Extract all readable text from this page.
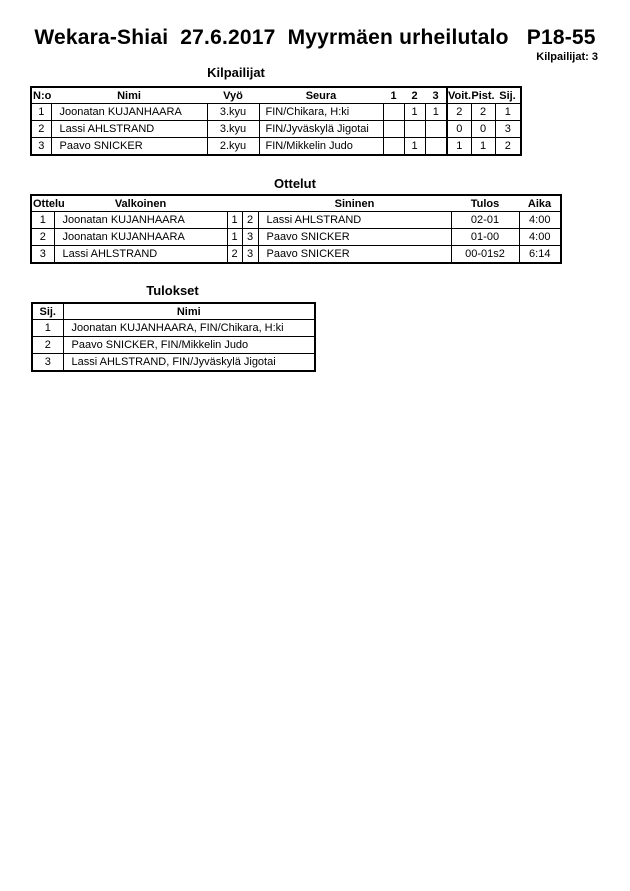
Wekara-Shiai  27.6.2017  Myyrmäen urheilutalo   P18-55
Kilpailijat: 3
Kilpailijat
N:o	Nimi	Vyö	Seura	1	2	3	Voit.	Pist.	Sij.
1	Joonatan KUJANHAARA	3.kyu	FIN/Chikara, H:ki		1	1	2	2	1
2	Lassi AHLSTRAND	3.kyu	FIN/Jyväskylä Jigotai				0	0	3
3	Paavo SNICKER	2.kyu	FIN/Mikkelin Judo		1		1	1	2
Ottelut
Ottelu	Valkoinen			Sininen	Tulos	Aika
1	Joonatan KUJANHAARA	1	2	Lassi AHLSTRAND	02-01	4:00
2	Joonatan KUJANHAARA	1	3	Paavo SNICKER	01-00	4:00
3	Lassi AHLSTRAND	2	3	Paavo SNICKER	00-01s2	6:14
Tulokset
Sij.	Nimi
1	Joonatan KUJANHAARA, FIN/Chikara, H:ki
2	Paavo SNICKER, FIN/Mikkelin Judo
3	Lassi AHLSTRAND, FIN/Jyväskylä Jigotai
